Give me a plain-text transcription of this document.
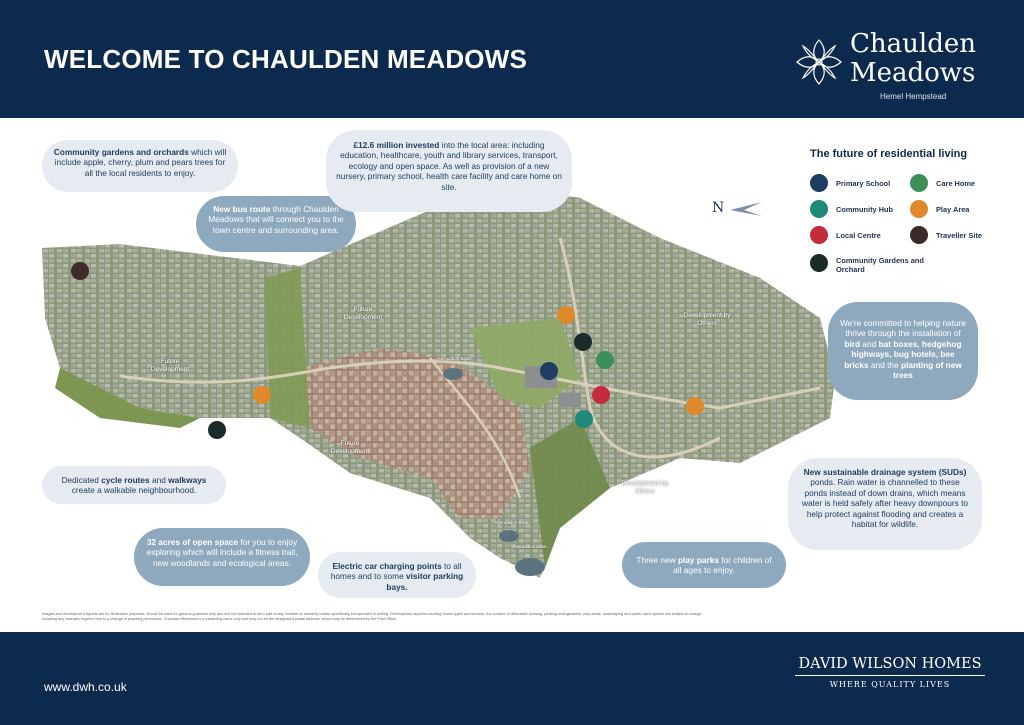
WELCOME TO CHAULDEN MEADOWS	Chaulden
Meadows
Hemel Hempstead
Future Development
Future Development
Future Development
Development by Others
Development by Others
Attenuation Basin
Attenuation Basin
Attenuation Basin
N
Community gardens and orchards which will include apple, cherry, plum and pears trees for all the local residents to enjoy.
New bus route through Chaulden Meadows that will connect you to the town centre and surrounding area.
£12.6 million invested into the local area: including education, healthcare, youth and library services, transport, ecology and open space. As well as provision of a new nursery, primary school, health care facility and care home on site.
We're committed to helping nature thrive through the installation of bird and bat boxes, hedgehog highways, bug hotels, bee bricks and the planting of new trees
Dedicated cycle routes and walkways create a walkable neighbourhood.
New sustainable drainage system (SUDs) ponds. Rain water is channelled to these ponds instead of down drains, which means water is held safely after heavy downpours to help protect against flooding and creates a habitat for wildlife.
32 acres of open space for you to enjoy exploring which will include a fitness trail, new woodlands and ecological areas.	Electric car charging points to all homes and to some visitor parking bays.
Three new play parks for children of all ages to enjoy.
The future of residential living
Primary School	Care Home
Community Hub	Play Area
Local Centre	Traveller Site
Community Gardens and Orchard
Images and development layouts are for illustrative purposes, should be used for general guidance only and are not intended to form part of any contract or warranty unless specifically incorporated in writing. Development layouts including house types and tenures, the location of affordable housing, parking arrangements, play areas, landscaping and public open spaces are subject to change including any changes required due to a change in planning permission. Chaulden Meadows is a marketing name only and may not be the designated postal address, which may be determined by the Post Office.
www.dwh.co.uk
DAVID WILSON HOMES
WHERE QUALITY LIVES
